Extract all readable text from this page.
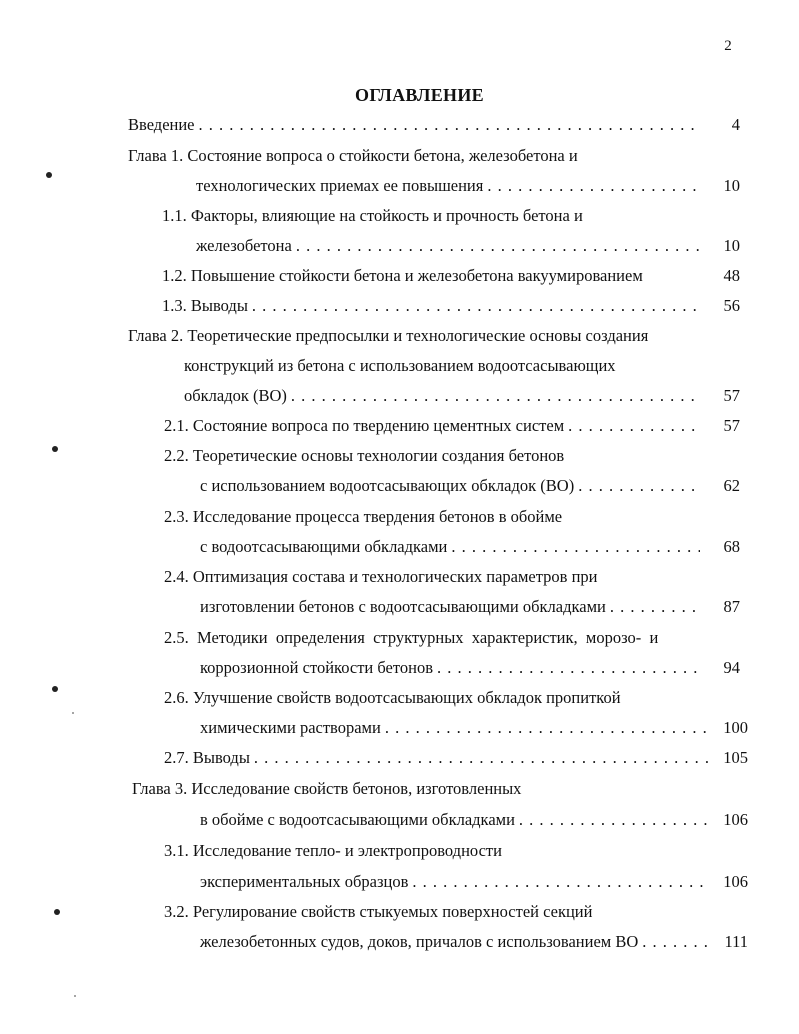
2
ОГЛАВЛЕНИЕ
Введение . . .	4
Глава 1. Состояние вопроса о стойкости бетона, железобетона и
технологических приемах ее повышения . . .	10
1.1. Факторы, влияющие на стойкость и прочность бетона и
железобетона . . .	10
1.2. Повышение стойкости бетона и железобетона вакуумированием	48
1.3. Выводы . . .	56
Глава 2. Теоретические предпосылки и технологические основы создания
конструкций из бетона с использованием водоотсасывающих
обкладок (ВО) . . .	57
2.1. Состояние вопроса по твердению цементных систем . . .	57
2.2. Теоретические основы технологии создания бетонов
с использованием водоотсасывающих обкладок (ВО) . . .	62
2.3. Исследование процесса твердения бетонов в обойме
с водоотсасывающими обкладками . . .	68
2.4. Оптимизация состава и технологических параметров при
изготовлении бетонов с водоотсасывающими обкладками . . .	87
2.5.  Методики  определения  структурных  характеристик,  морозо-  и
коррозионной стойкости бетонов . . .	94
2.6. Улучшение свойств водоотсасывающих обкладок пропиткой
химическими растворами . . .	100
2.7. Выводы . . .	105
Глава 3. Исследование свойств бетонов, изготовленных
в обойме с водоотсасывающими обкладками . . .	106
3.1. Исследование тепло- и электропроводности
экспериментальных образцов . . .	106
3.2. Регулирование свойств стыкуемых поверхностей секций
железобетонных судов, доков, причалов с использованием ВО . . .	111
